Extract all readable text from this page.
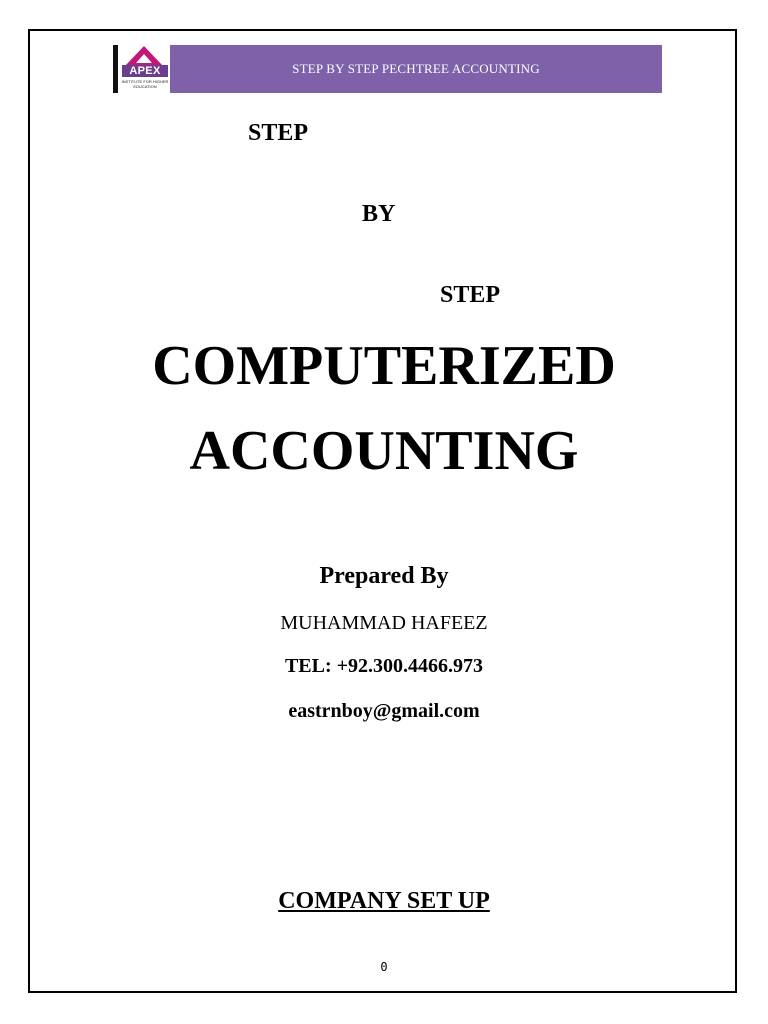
APEX
INSTITUTE FOR HIGHER EDUCATION
STEP BY STEP PECHTREE ACCOUNTING
STEP
BY
STEP
COMPUTERIZED
ACCOUNTING
Prepared By
MUHAMMAD HAFEEZ
TEL: +92.300.4466.973
eastrnboy@gmail.com
COMPANY SET UP
0
